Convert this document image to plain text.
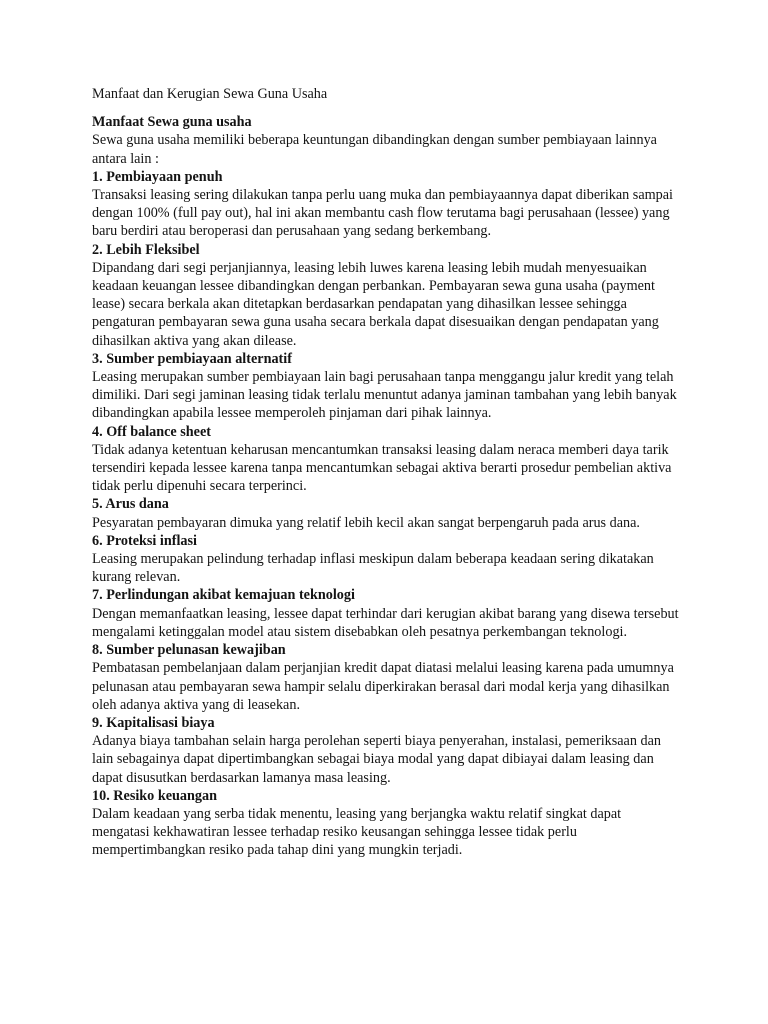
Manfaat dan Kerugian Sewa Guna Usaha

Manfaat Sewa guna usaha

Sewa guna usaha memiliki beberapa keuntungan dibandingkan dengan sumber pembiayaan lainnya antara lain :

1. Pembiayaan penuh

Transaksi leasing sering dilakukan tanpa perlu uang muka dan pembiayaannya dapat diberikan sampai dengan 100% (full pay out), hal ini akan membantu cash flow terutama bagi perusahaan (lessee) yang baru berdiri atau beroperasi dan perusahaan yang sedang berkembang.

2. Lebih Fleksibel

Dipandang dari segi perjanjiannya, leasing lebih luwes karena leasing lebih mudah menyesuaikan keadaan keuangan lessee dibandingkan dengan perbankan. Pembayaran sewa guna usaha (payment lease) secara berkala akan ditetapkan berdasarkan pendapatan yang dihasilkan lessee sehingga pengaturan pembayaran sewa guna usaha secara berkala dapat disesuaikan dengan pendapatan yang dihasilkan aktiva yang akan dilease.

3. Sumber pembiayaan alternatif

Leasing merupakan sumber pembiayaan lain bagi perusahaan tanpa menggangu jalur kredit yang telah dimiliki. Dari segi jaminan leasing tidak terlalu menuntut adanya jaminan tambahan yang lebih banyak dibandingkan apabila lessee memperoleh pinjaman dari pihak lainnya.

4. Off balance sheet

Tidak adanya ketentuan keharusan mencantumkan transaksi leasing dalam neraca memberi daya tarik tersendiri kepada lessee karena tanpa mencantumkan sebagai aktiva berarti prosedur pembelian aktiva tidak perlu dipenuhi secara terperinci.

5. Arus dana

Pesyaratan pembayaran dimuka yang relatif lebih kecil akan sangat berpengaruh pada arus dana.

6. Proteksi inflasi

Leasing merupakan pelindung terhadap inflasi meskipun dalam beberapa keadaan sering dikatakan kurang relevan.

7. Perlindungan akibat kemajuan teknologi

Dengan memanfaatkan leasing, lessee dapat terhindar dari kerugian akibat barang yang disewa tersebut mengalami ketinggalan model atau sistem disebabkan oleh pesatnya perkembangan teknologi.

8. Sumber pelunasan kewajiban

Pembatasan pembelanjaan dalam perjanjian kredit dapat diatasi melalui leasing karena pada umumnya pelunasan atau pembayaran sewa hampir selalu diperkirakan berasal dari modal kerja yang dihasilkan oleh adanya aktiva yang di leasekan.

9. Kapitalisasi biaya

Adanya biaya tambahan selain harga perolehan seperti biaya penyerahan, instalasi, pemeriksaan dan lain sebagainya dapat dipertimbangkan sebagai biaya modal yang dapat dibiayai dalam leasing dan dapat disusutkan berdasarkan lamanya masa leasing.

10. Resiko keuangan

Dalam keadaan yang serba tidak menentu, leasing yang berjangka waktu relatif singkat dapat mengatasi kekhawatiran lessee terhadap resiko keusangan sehingga lessee tidak perlu mempertimbangkan resiko pada tahap dini yang mungkin terjadi.
